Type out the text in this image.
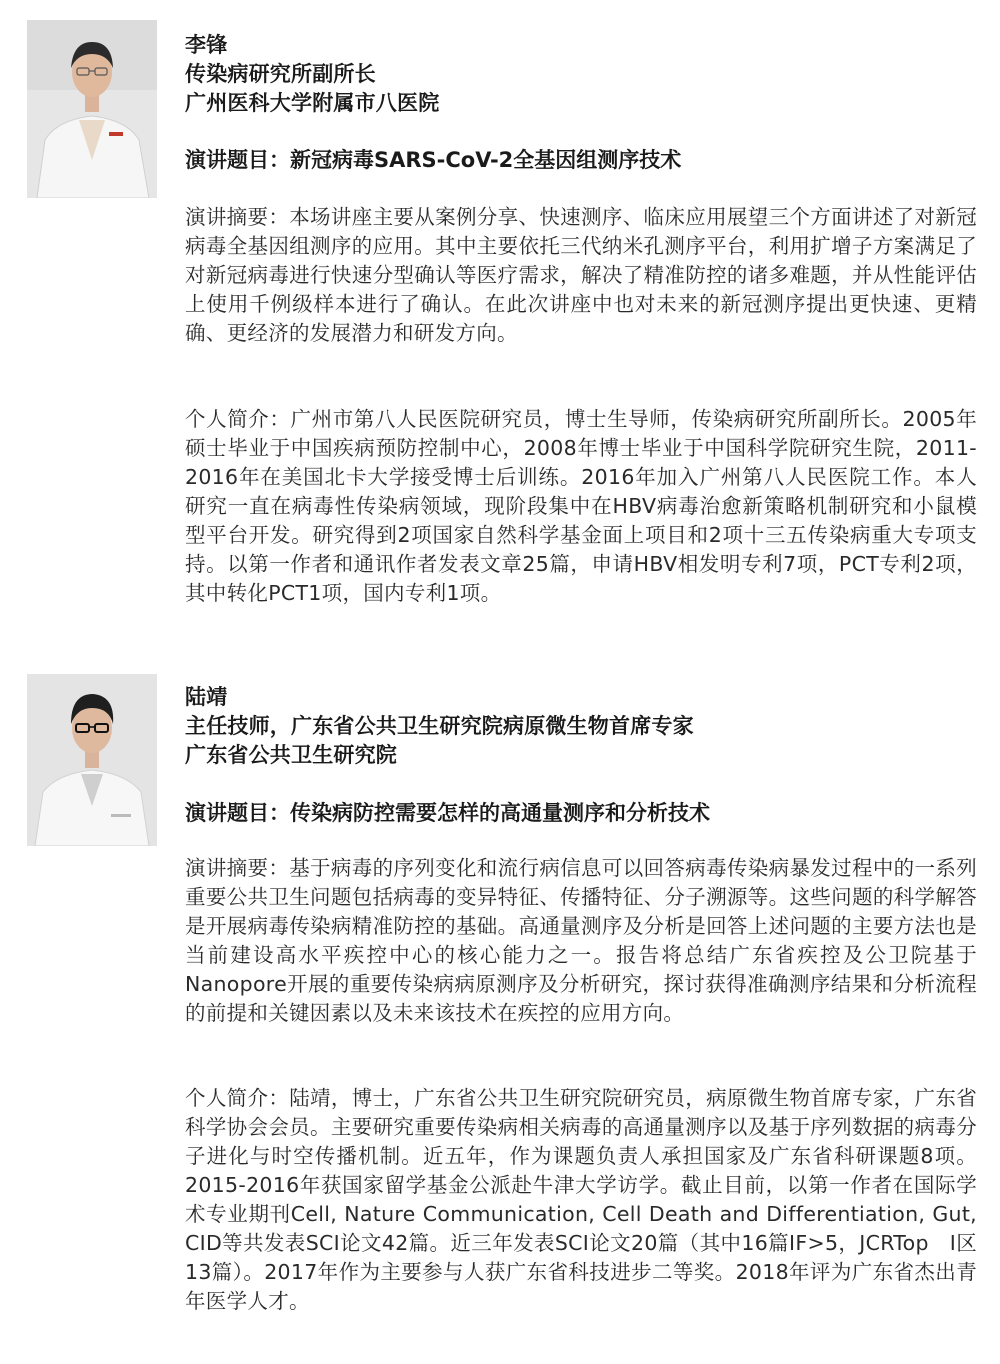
李锋
传染病研究所副所长
广州医科大学附属市八医院
演讲题目：新冠病毒SARS-CoV-2全基因组测序技术

演讲摘要：本场讲座主要从案例分享、快速测序、临床应用展望三个方面讲述了对新冠病毒全基因组测序的应用。其中主要依托三代纳米孔测序平台，利用扩增子方案满足了对新冠病毒进行快速分型确认等医疗需求，解决了精准防控的诸多难题，并从性能评估上使用千例级样本进行了确认。在此次讲座中也对未来的新冠测序提出更快速、更精确、更经济的发展潜力和研发方向。

个人简介：广州市第八人民医院研究员，博士生导师，传染病研究所副所长。2005年硕士毕业于中国疾病预防控制中心，2008年博士毕业于中国科学院研究生院，2011-2016年在美国北卡大学接受博士后训练。2016年加入广州第八人民医院工作。本人研究一直在病毒性传染病领域，现阶段集中在HBV病毒治愈新策略机制研究和小鼠模型平台开发。研究得到2项国家自然科学基金面上项目和2项十三五传染病重大专项支持。以第一作者和通讯作者发表文章25篇，申请HBV相发明专利7项，PCT专利2项，其中转化PCT1项，国内专利1项。

陆靖
主任技师，广东省公共卫生研究院病原微生物首席专家
广东省公共卫生研究院
演讲题目：传染病防控需要怎样的高通量测序和分析技术

演讲摘要：基于病毒的序列变化和流行病信息可以回答病毒传染病暴发过程中的一系列重要公共卫生问题包括病毒的变异特征、传播特征、分子溯源等。这些问题的科学解答是开展病毒传染病精准防控的基础。高通量测序及分析是回答上述问题的主要方法也是当前建设高水平疾控中心的核心能力之一。报告将总结广东省疾控及公卫院基于Nanopore开展的重要传染病病原测序及分析研究，探讨获得准确测序结果和分析流程的前提和关键因素以及未来该技术在疾控的应用方向。

个人简介：陆靖，博士，广东省公共卫生研究院研究员，病原微生物首席专家，广东省科学协会会员。主要研究重要传染病相关病毒的高通量测序以及基于序列数据的病毒分子进化与时空传播机制。近五年，作为课题负责人承担国家及广东省科研课题8项。2015-2016年获国家留学基金公派赴牛津大学访学。截止目前，以第一作者在国际学术专业期刊Cell, Nature Communication, Cell Death and Differentiation, Gut, CID等共发表SCI论文42篇。近三年发表SCI论文20篇（其中16篇IF>5，JCRTop　I区13篇）。2017年作为主要参与人获广东省科技进步二等奖。2018年评为广东省杰出青年医学人才。
